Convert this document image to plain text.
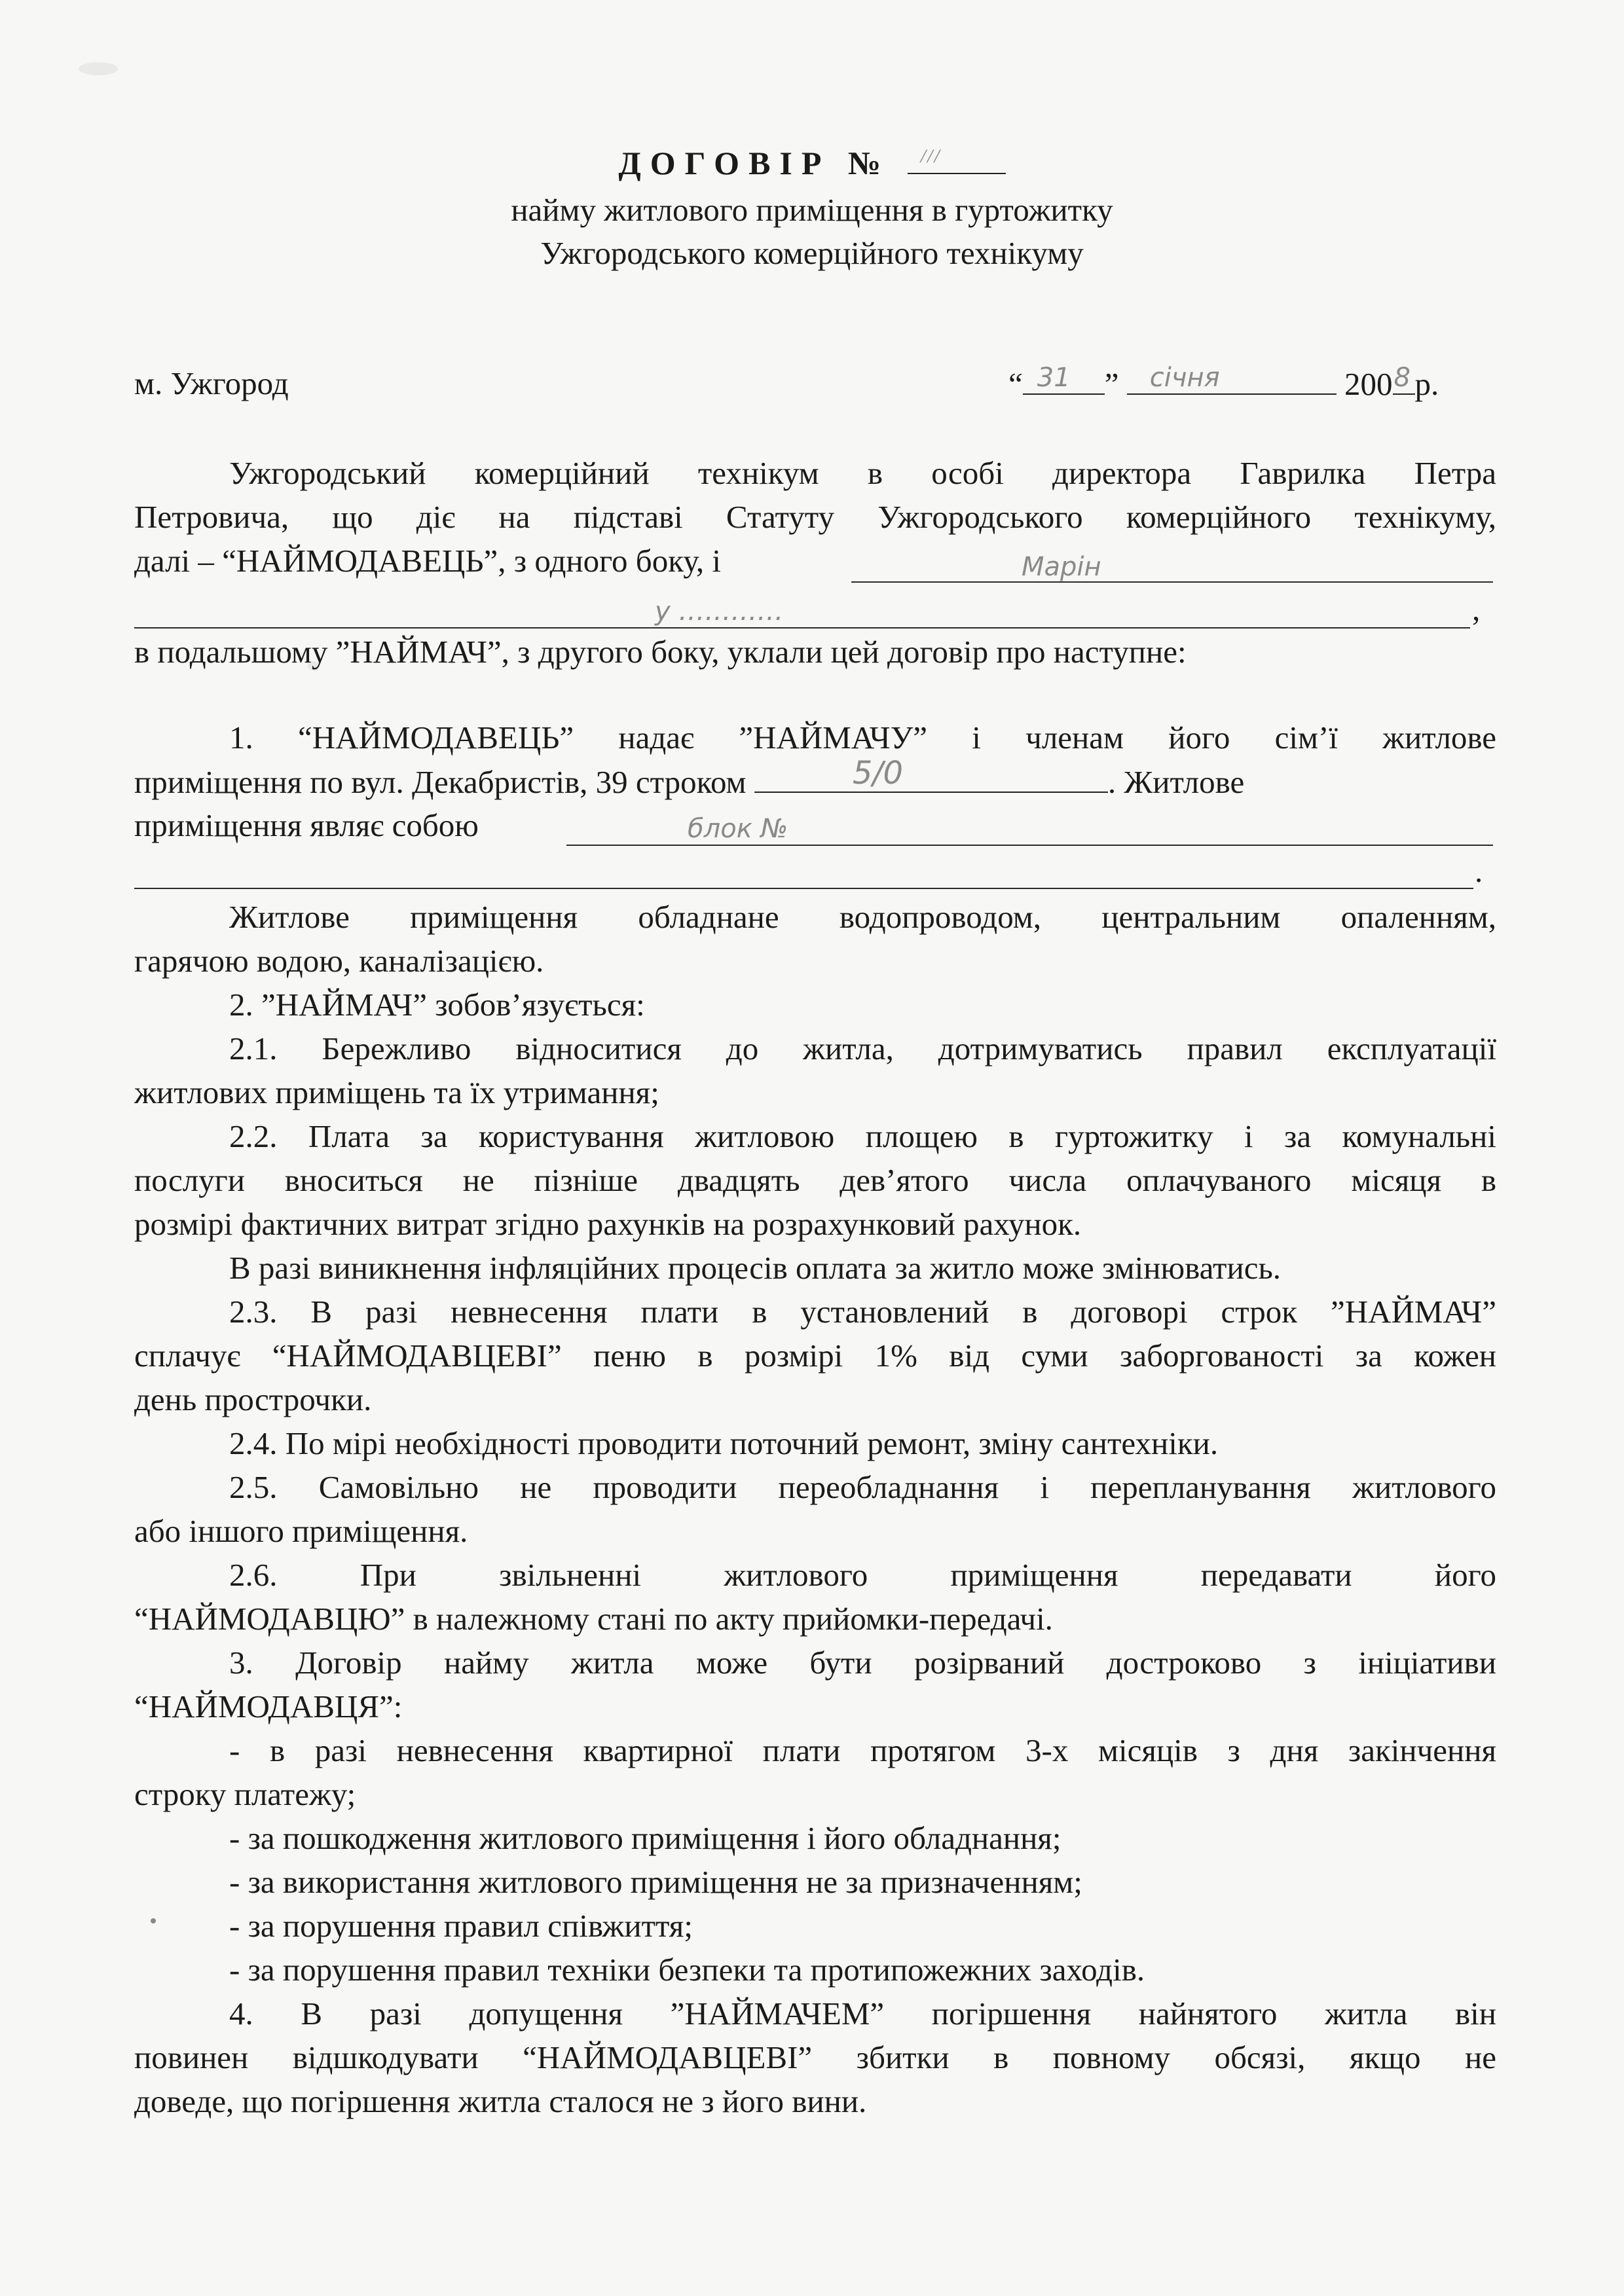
ДОГОВІР № ///
найму житлового приміщення в гуртожитку
Ужгородського комерційного технікуму
м. Ужгород	“ 31 ” січня	200 8 р.
Ужгородський комерційний технікум в особі директора Гаврилка Петра
Петровича, що діє на підставі Статуту Ужгородського комерційного технікуму,
далі – “НАЙМОДАВЕЦЬ”, з одного боку, і	Марін
у …………	,
в подальшому ”НАЙМАЧ”, з другого боку, уклали цей договір про наступне:
1. “НАЙМОДАВЕЦЬ” надає ”НАЙМАЧУ” і членам його сім’ї житлове
приміщення по вул. Декабристів, 39 строком	5/0	. Житлове
приміщення являє собою	блок №
.
Житлове приміщення обладнане водопроводом, центральним опаленням,
гарячою водою, каналізацією.
2. ”НАЙМАЧ” зобов’язується:
2.1. Бережливо відноситися до житла, дотримуватись правил експлуатації
житлових приміщень та їх утримання;
2.2. Плата за користування житловою площею в гуртожитку і за комунальні
послуги вноситься не пізніше двадцять дев’ятого числа оплачуваного місяця в
розмірі фактичних витрат згідно рахунків на розрахунковий рахунок.
В разі виникнення інфляційних процесів оплата за житло може змінюватись.
2.3. В разі невнесення плати в установлений в договорі строк ”НАЙМАЧ”
сплачує “НАЙМОДАВЦЕВІ” пеню в розмірі 1% від суми заборгованості за кожен
день прострочки.
2.4. По мірі необхідності проводити поточний ремонт, зміну сантехніки.
2.5. Самовільно не проводити переобладнання і перепланування житлового
або іншого приміщення.
2.6. При звільненні житлового приміщення передавати його
“НАЙМОДАВЦЮ” в належному стані по акту прийомки-передачі.
3. Договір найму житла може бути розірваний достроково з ініціативи
“НАЙМОДАВЦЯ”:
- в разі невнесення квартирної плати протягом 3-х місяців з дня закінчення
строку платежу;
- за пошкодження житлового приміщення і його обладнання;
- за використання житлового приміщення не за призначенням;
- за порушення правил співжиття;
- за порушення правил техніки безпеки та протипожежних заходів.
4. В разі допущення ”НАЙМАЧЕМ” погіршення найнятого житла він
повинен відшкодувати “НАЙМОДАВЦЕВІ” збитки в повному обсязі, якщо не
доведе, що погіршення житла сталося не з його вини.
